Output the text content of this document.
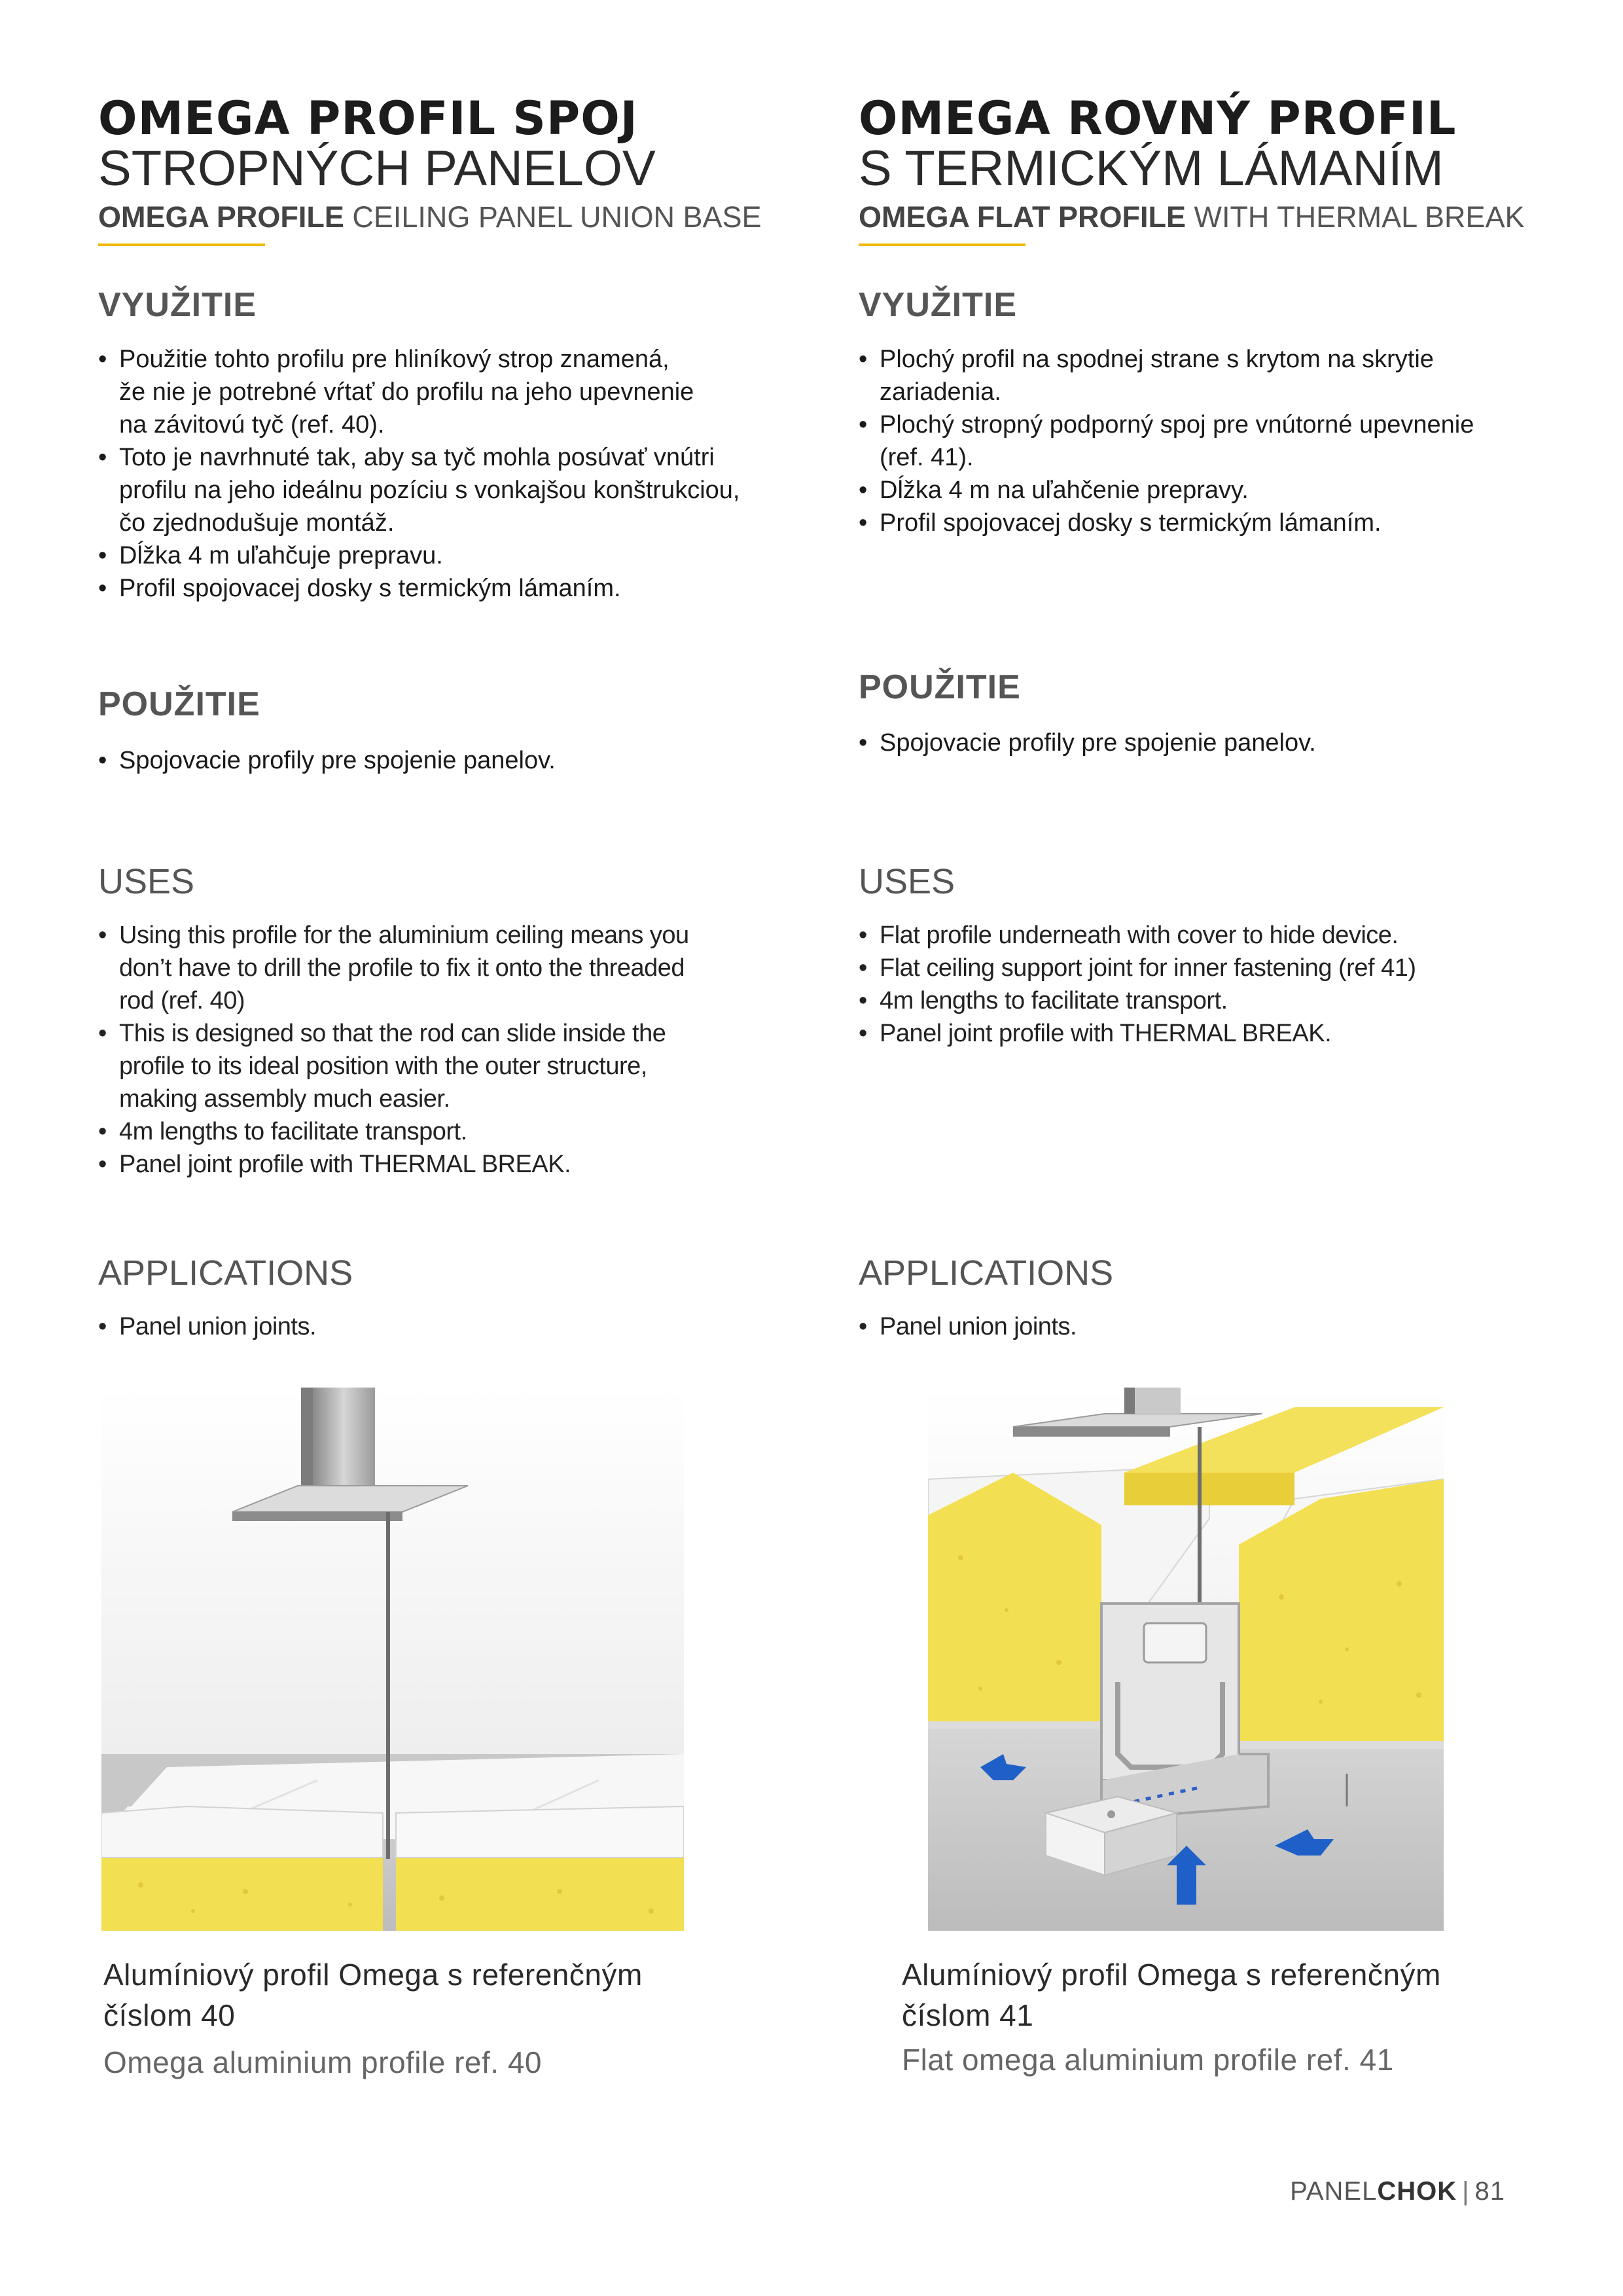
OMEGA PROFIL SPOJ
STROPNÝCH PANELOV
OMEGA PROFILE CEILING PANEL UNION BASE
VYUŽITIE
• Použitie tohto profilu pre hliníkový strop znamená,
že nie je potrebné vŕtať do profilu na jeho upevnenie
na závitovú tyč (ref. 40).
• Toto je navrhnuté tak, aby sa tyč mohla posúvať vnútri
profilu na jeho ideálnu pozíciu s vonkajšou konštrukciou,
čo zjednodušuje montáž.
• Dĺžka 4 m uľahčuje prepravu.
• Profil spojovacej dosky s termickým lámaním.
POUŽITIE
• Spojovacie profily pre spojenie panelov.
USES
• Using this profile for the aluminium ceiling means you
don’t have to drill the profile to fix it onto the threaded
rod (ref. 40)
• This is designed so that the rod can slide inside the
profile to its ideal position with the outer structure,
making assembly much easier.
• 4m lengths to facilitate transport.
• Panel joint profile with THERMAL BREAK.
APPLICATIONS
• Panel union joints.
Alumíniový profil Omega s referenčným
číslom 40
Omega aluminium profile ref. 40
OMEGA ROVNÝ PROFIL
S TERMICKÝM LÁMANÍM
OMEGA FLAT PROFILE WITH THERMAL BREAK
VYUŽITIE
• Plochý profil na spodnej strane s krytom na skrytie
zariadenia.
• Plochý stropný podporný spoj pre vnútorné upevnenie
(ref. 41).
• Dĺžka 4 m na uľahčenie prepravy.
• Profil spojovacej dosky s termickým lámaním.
POUŽITIE
• Spojovacie profily pre spojenie panelov.
USES
• Flat profile underneath with cover to hide device.
• Flat ceiling support joint for inner fastening (ref 41)
• 4m lengths to facilitate transport.
• Panel joint profile with THERMAL BREAK.
APPLICATIONS
• Panel union joints.
Alumíniový profil Omega s referenčným
číslom 41
Flat omega aluminium profile ref. 41
PANELCHOK | 81
